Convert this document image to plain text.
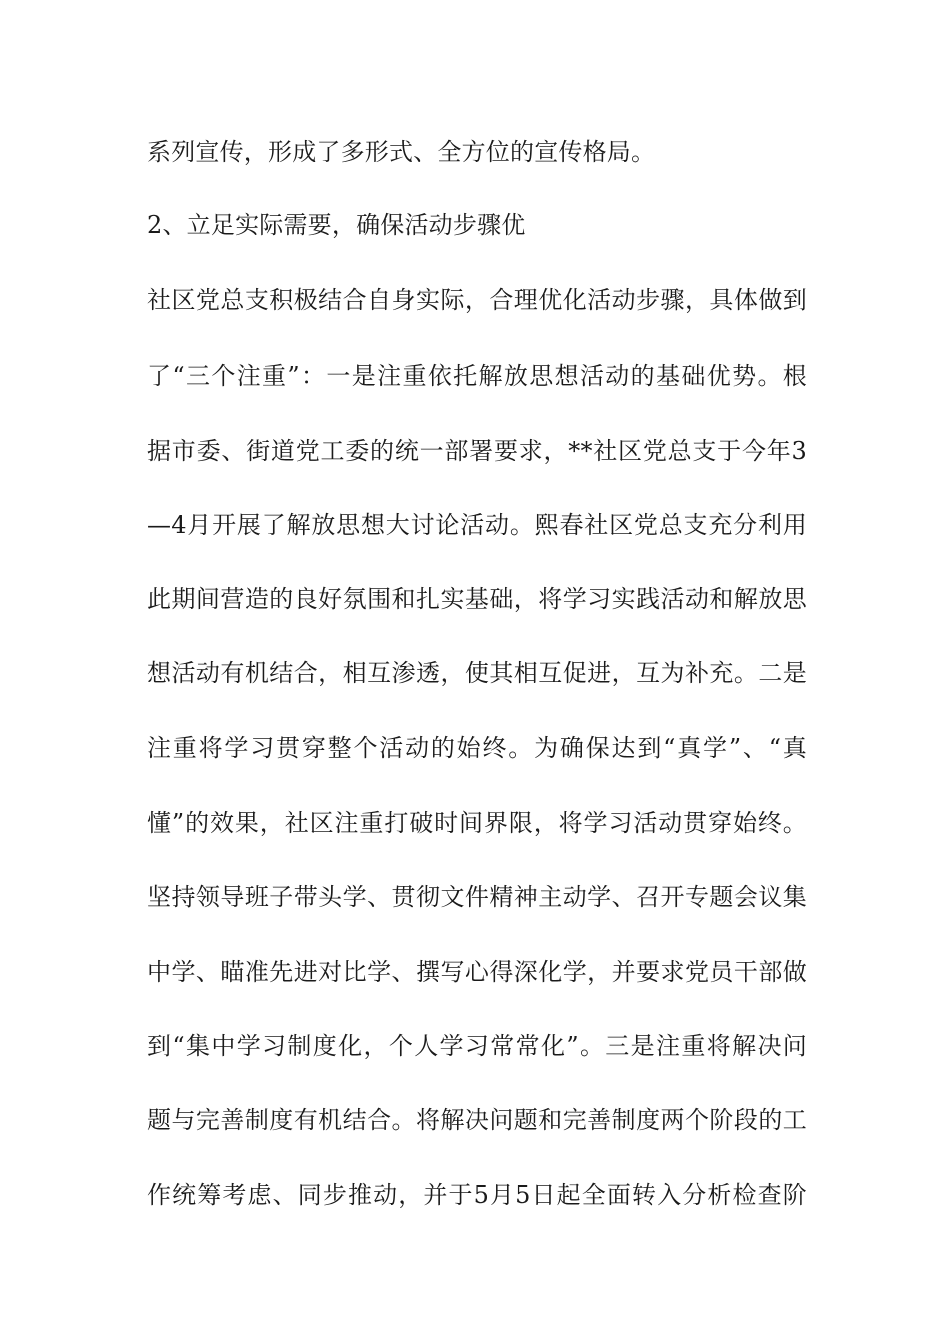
系列宣传，形成了多形式、全方位的宣传格局。
2、立足实际需要，确保活动步骤优
社区党总支积极结合自身实际，合理优化活动步骤，具体做到
了“三个注重”：一是注重依托解放思想活动的基础优势。根
据市委、街道党工委的统一部署要求，**社区党总支于今年3
—4月开展了解放思想大讨论活动。熙春社区党总支充分利用
此期间营造的良好氛围和扎实基础，将学习实践活动和解放思
想活动有机结合，相互渗透，使其相互促进，互为补充。二是
注重将学习贯穿整个活动的始终。为确保达到“真学”、“真
懂”的效果，社区注重打破时间界限，将学习活动贯穿始终。
坚持领导班子带头学、贯彻文件精神主动学、召开专题会议集
中学、瞄准先进对比学、撰写心得深化学，并要求党员干部做
到“集中学习制度化，个人学习常常化”。三是注重将解决问
题与完善制度有机结合。将解决问题和完善制度两个阶段的工
作统筹考虑、同步推动，并于5月5日起全面转入分析检查阶
